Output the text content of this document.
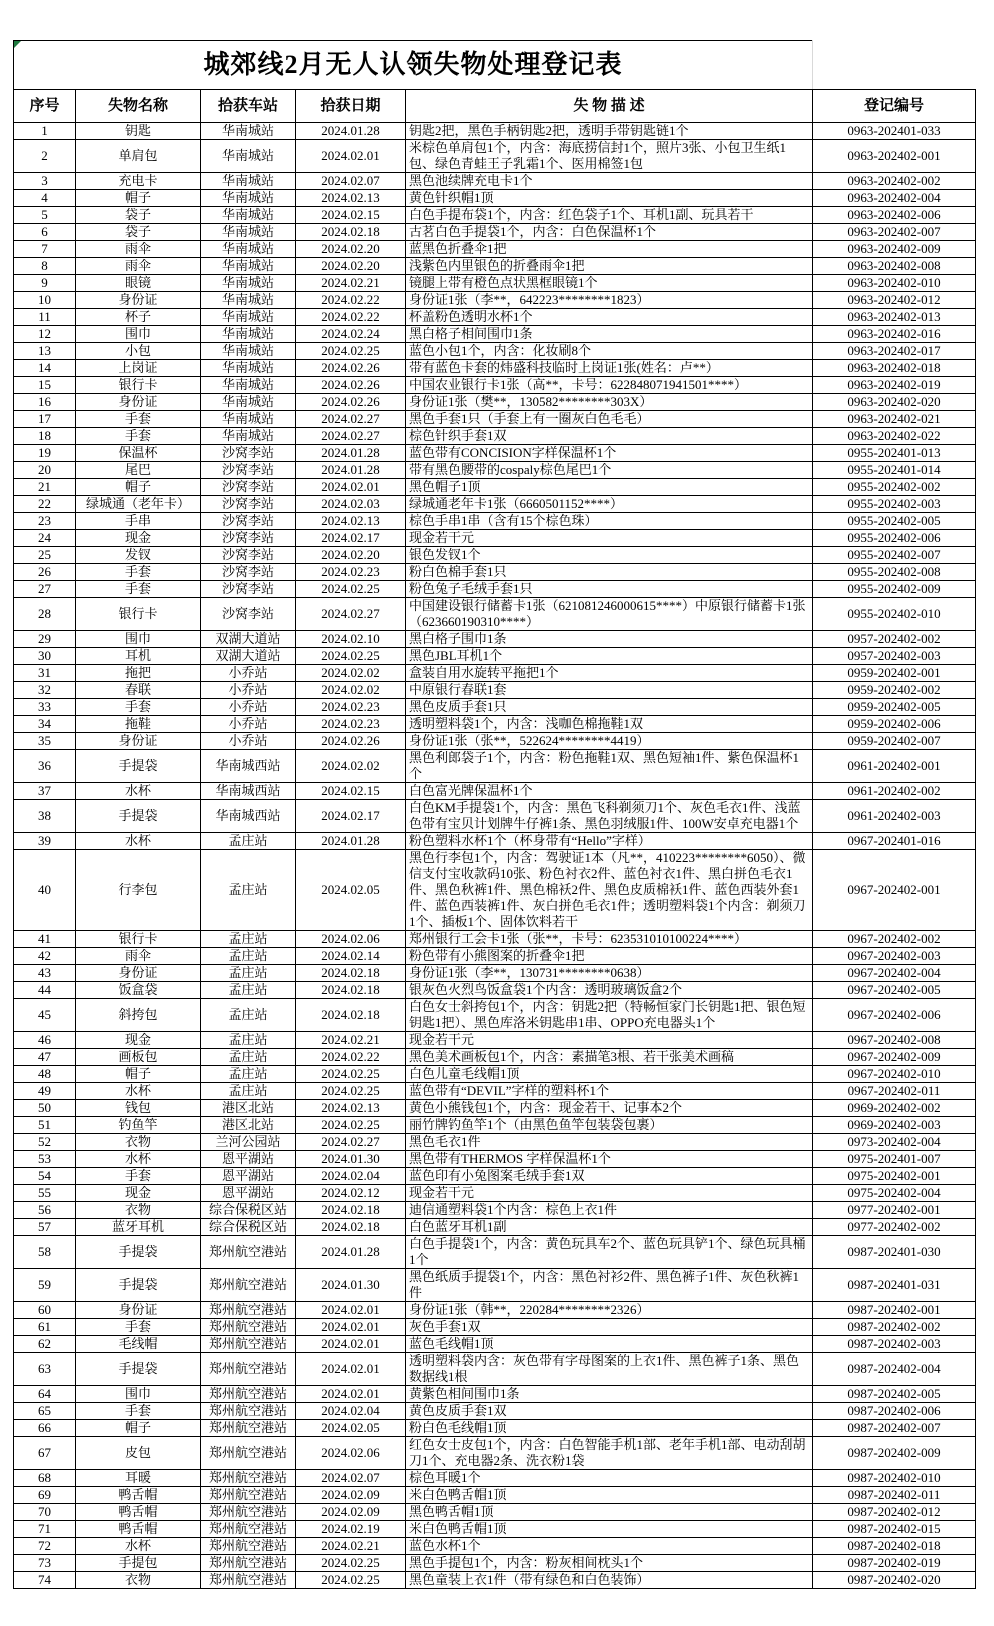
城郊线2月无人认领失物处理登记表					
序号	失物名称	拾获车站	拾获日期	失 物 描 述	登记编号
1	钥匙	华南城站	2024.01.28	钥匙2把，黑色手柄钥匙2把，透明手带钥匙链1个	0963-202401-033
2	单肩包	华南城站	2024.02.01	米棕色单肩包1个，内含：海底捞信封1个，照片3张、小包卫生纸1包、绿色青蛙王子乳霜1个、医用棉签1包	0963-202402-001
3	充电卡	华南城站	2024.02.07	黑色池续牌充电卡1个	0963-202402-002
4	帽子	华南城站	2024.02.13	黄色针织帽1顶	0963-202402-004
5	袋子	华南城站	2024.02.15	白色手提布袋1个，内含：红色袋子1个、耳机1副、玩具若干	0963-202402-006
6	袋子	华南城站	2024.02.18	古茗白色手提袋1个，内含：白色保温杯1个	0963-202402-007
7	雨伞	华南城站	2024.02.20	蓝黑色折叠伞1把	0963-202402-009
8	雨伞	华南城站	2024.02.20	浅紫色内里银色的折叠雨伞1把	0963-202402-008
9	眼镜	华南城站	2024.02.21	镜腿上带有橙色点状黑框眼镜1个	0963-202402-010
10	身份证	华南城站	2024.02.22	身份证1张（李**，642223********1823）	0963-202402-012
11	杯子	华南城站	2024.02.22	杯盖粉色透明水杯1个	0963-202402-013
12	围巾	华南城站	2024.02.24	黑白格子相间围巾1条	0963-202402-016
13	小包	华南城站	2024.02.25	蓝色小包1个，内含：化妆刷8个	0963-202402-017
14	上岗证	华南城站	2024.02.26	带有蓝色卡套的炜盛科技临时上岗证1张(姓名：卢**）	0963-202402-018
15	银行卡	华南城站	2024.02.26	中国农业银行卡1张（高**，卡号：622848071941501****）	0963-202402-019
16	身份证	华南城站	2024.02.26	身份证1张（樊**，130582********303X）	0963-202402-020
17	手套	华南城站	2024.02.27	黑色手套1只（手套上有一圈灰白色毛毛）	0963-202402-021
18	手套	华南城站	2024.02.27	棕色针织手套1双	0963-202402-022
19	保温杯	沙窝李站	2024.01.28	蓝色带有CONCISION字样保温杯1个	0955-202401-013
20	尾巴	沙窝李站	2024.01.28	带有黑色腰带的cospaly棕色尾巴1个	0955-202401-014
21	帽子	沙窝李站	2024.02.01	黑色帽子1顶	0955-202402-002
22	绿城通（老年卡）	沙窝李站	2024.02.03	绿城通老年卡1张（6660501152****）	0955-202402-003
23	手串	沙窝李站	2024.02.13	棕色手串1串（含有15个棕色珠）	0955-202402-005
24	现金	沙窝李站	2024.02.17	现金若干元	0955-202402-006
25	发钗	沙窝李站	2024.02.20	银色发钗1个	0955-202402-007
26	手套	沙窝李站	2024.02.23	粉白色棉手套1只	0955-202402-008
27	手套	沙窝李站	2024.02.25	粉色兔子毛绒手套1只	0955-202402-009
28	银行卡	沙窝李站	2024.02.27	中国建设银行储蓄卡1张（621081246000615****）中原银行储蓄卡1张（623660190310****）	0955-202402-010
29	围巾	双湖大道站	2024.02.10	黑白格子围巾1条	0957-202402-002
30	耳机	双湖大道站	2024.02.25	黑色JBL耳机1个	0957-202402-003
31	拖把	小乔站	2024.02.02	盒装自用水旋转平拖把1个	0959-202402-001
32	春联	小乔站	2024.02.02	中原银行春联1套	0959-202402-002
33	手套	小乔站	2024.02.23	黑色皮质手套1只	0959-202402-005
34	拖鞋	小乔站	2024.02.23	透明塑料袋1个，内含：浅咖色棉拖鞋1双	0959-202402-006
35	身份证	小乔站	2024.02.26	身份证1张（张**，522624********4419）	0959-202402-007
36	手提袋	华南城西站	2024.02.02	黑色利郎袋子1个，内含：粉色拖鞋1双、黑色短袖1件、紫色保温杯1个	0961-202402-001
37	水杯	华南城西站	2024.02.15	白色富光牌保温杯1个	0961-202402-002
38	手提袋	华南城西站	2024.02.17	白色KM手提袋1个，内含：黑色飞科剃须刀1个、灰色毛衣1件、浅蓝色带有宝贝计划牌牛仔裤1条、黑色羽绒服1件、100W安卓充电器1个	0961-202402-003
39	水杯	孟庄站	2024.01.28	粉色塑料水杯1个（杯身带有“Hello”字样）	0967-202401-016
40	行李包	孟庄站	2024.02.05	黑色行李包1个，内含：驾驶证1本（凡**，410223********6050）、微信支付宝收款码10张、粉色衬衣2件、蓝色衬衣1件、黑白拼色毛衣1件、黑色秋裤1件、黑色棉袄2件、黑色皮质棉袄1件、蓝色西装外套1件、蓝色西装裤1件、灰白拼色毛衣1件；透明塑料袋1个内含：剃须刀1个、插板1个、固体饮料若干	0967-202402-001
41	银行卡	孟庄站	2024.02.06	郑州银行工会卡1张（张**，卡号：623531010100224****）	0967-202402-002
42	雨伞	孟庄站	2024.02.14	粉色带有小熊图案的折叠伞1把	0967-202402-003
43	身份证	孟庄站	2024.02.18	身份证1张（李**，130731********0638）	0967-202402-004
44	饭盒袋	孟庄站	2024.02.18	银灰色火烈鸟饭盒袋1个内含：透明玻璃饭盒2个	0967-202402-005
45	斜挎包	孟庄站	2024.02.18	白色女士斜挎包1个，内含：钥匙2把（特畅恒家门长钥匙1把、银色短钥匙1把）、黑色库洛米钥匙串1串、OPPO充电器头1个	0967-202402-006
46	现金	孟庄站	2024.02.21	现金若干元	0967-202402-008
47	画板包	孟庄站	2024.02.22	黑色美术画板包1个，内含：素描笔3根、若干张美术画稿	0967-202402-009
48	帽子	孟庄站	2024.02.25	白色儿童毛线帽1顶	0967-202402-010
49	水杯	孟庄站	2024.02.25	蓝色带有“DEVIL”字样的塑料杯1个	0967-202402-011
50	钱包	港区北站	2024.02.13	黄色小熊钱包1个，内含：现金若干、记事本2个	0969-202402-002
51	钓鱼竿	港区北站	2024.02.25	丽竹牌钓鱼竿1个（由黑色鱼竿包装袋包裹）	0969-202402-003
52	衣物	兰河公园站	2024.02.27	黑色毛衣1件	0973-202402-004
53	水杯	恩平湖站	2024.01.30	黑色带有THERMOS 字样保温杯1个	0975-202401-007
54	手套	恩平湖站	2024.02.04	蓝色印有小兔图案毛绒手套1双	0975-202402-001
55	现金	恩平湖站	2024.02.12	现金若干元	0975-202402-004
56	衣物	综合保税区站	2024.02.18	迪信通塑料袋1个内含：棕色上衣1件	0977-202402-001
57	蓝牙耳机	综合保税区站	2024.02.18	白色蓝牙耳机1副	0977-202402-002
58	手提袋	郑州航空港站	2024.01.28	白色手提袋1个，内含：黄色玩具车2个、蓝色玩具铲1个、绿色玩具桶1个	0987-202401-030
59	手提袋	郑州航空港站	2024.01.30	黑色纸质手提袋1个，内含：黑色衬衫2件、黑色裤子1件、灰色秋裤1件	0987-202401-031
60	身份证	郑州航空港站	2024.02.01	身份证1张（韩**，220284********2326）	0987-202402-001
61	手套	郑州航空港站	2024.02.01	灰色手套1双	0987-202402-002
62	毛线帽	郑州航空港站	2024.02.01	蓝色毛线帽1顶	0987-202402-003
63	手提袋	郑州航空港站	2024.02.01	透明塑料袋内含：灰色带有字母图案的上衣1件、黑色裤子1条、黑色数据线1根	0987-202402-004
64	围巾	郑州航空港站	2024.02.01	黄紫色相间围巾1条	0987-202402-005
65	手套	郑州航空港站	2024.02.04	黄色皮质手套1双	0987-202402-006
66	帽子	郑州航空港站	2024.02.05	粉白色毛线帽1顶	0987-202402-007
67	皮包	郑州航空港站	2024.02.06	红色女士皮包1个，内含：白色智能手机1部、老年手机1部、电动刮胡刀1个、充电器2条、洗衣粉1袋	0987-202402-009
68	耳暖	郑州航空港站	2024.02.07	棕色耳暖1个	0987-202402-010
69	鸭舌帽	郑州航空港站	2024.02.09	米白色鸭舌帽1顶	0987-202402-011
70	鸭舌帽	郑州航空港站	2024.02.09	黑色鸭舌帽1顶	0987-202402-012
71	鸭舌帽	郑州航空港站	2024.02.19	米白色鸭舌帽1顶	0987-202402-015
72	水杯	郑州航空港站	2024.02.21	蓝色水杯1个	0987-202402-018
73	手提包	郑州航空港站	2024.02.25	黑色手提包1个，内含：粉灰相间枕头1个	0987-202402-019
74	衣物	郑州航空港站	2024.02.25	黑色童装上衣1件（带有绿色和白色装饰）	0987-202402-020
